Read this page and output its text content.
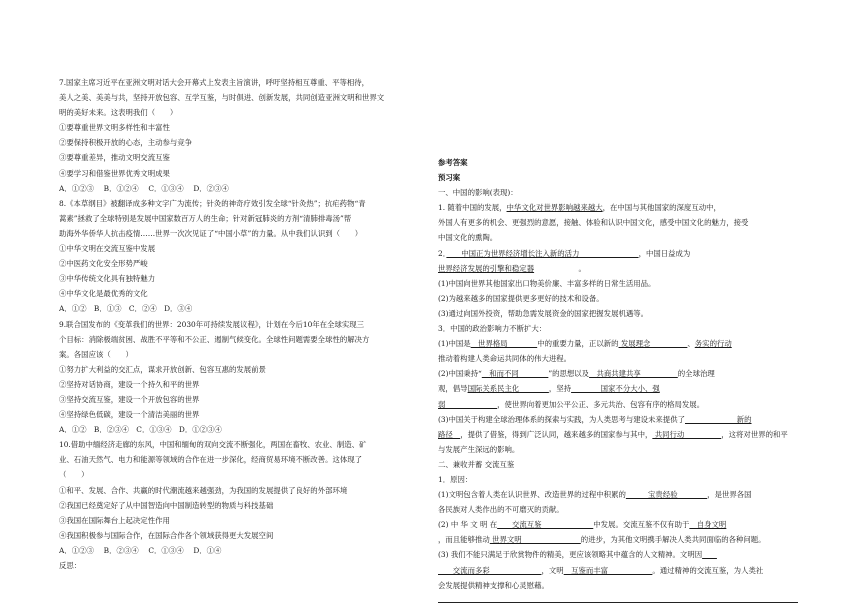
7.国家主席习近平在亚洲文明对话大会开幕式上发表主旨演讲，呼吁坚持相互尊重、平等相待，
美人之美、美美与共，坚持开放包容、互学互鉴，与时俱进、创新发展，共同创造亚洲文明和世界文
明的美好未来。这表明我们（　　）
①要尊重世界文明多样性和丰富性
②要保持积极开放的心态，主动参与竞争
③要尊重差异，推动文明交流互鉴
④要学习和借鉴世界优秀文明成果
A．①②③　 B．①②④　 C．①③④　 D．②③④
8.《本草纲目》被翻译成多种文字广为流传；针灸的神奇疗效引发全球“针灸热”；抗疟药物“青
蒿素”拯救了全球特别是发展中国家数百万人的生命；针对新冠肺炎的方剂“清肺排毒汤”帮
助海外华侨华人抗击疫情……世界一次次见证了“中国小草”的力量。从中我们认识到（　　）
①中华文明在交流互鉴中发展
②中医药文化安全形势严峻
③中华传统文化具有独特魅力
④中华文化是最优秀的文化
A．①②　B．①③　C．②④　D．③④
9.联合国发布的《变革我们的世界：2030年可持续发展议程》，计划在今后10年在全球实现三
个目标：消除极端贫困、战胜不平等和不公正、遏制气候变化。全球性问题需要全球性的解决方
案。各国应该（　　）
①努力扩大利益的交汇点，谋求开放创新、包容互惠的发展前景
②坚持对话协商，建设一个持久和平的世界
③坚持交流互鉴，建设一个开放包容的世界
④坚持绿色低碳，建设一个清洁美丽的世界
A．①②　B．②③④　C．①③④　D．①②③④
10.借助中缅经济走廊的东风，中国和缅甸的双向交流不断强化，两国在畜牧、农业、制造、矿
业、石油天然气、电力和能源等领域的合作在进一步深化，经商贸易环境不断改善。这体现了
（　　）
①和平、发展、合作、共赢的时代潮流越来越强劲，为我国的发展提供了良好的外部环境
②我国已经奠定好了从中国智造向中国制造转型的物质与科技基础
③我国在国际舞台上起决定性作用
④我国积极参与国际合作，在国际合作各个领域获得更大发展空间
A．①②③　 B．②③④　 C．①③④　 D．①④
反思：
参考答案
预习案
一、中国的影响(表现)：
1. 随着中国的发展，中华文化对世界影响越来越大，在中国与其他国家的深度互动中，
外国人有更多的机会、更强烈的意愿，接触、体验和认识中国文化，感受中国文化的魅力，接受
中国文化的熏陶。
2．　　中国正为世界经济增长注入新的活力　　　　　　　　，中国日益成为
世界经济发展的引擎和稳定器　　　　　　。
(1)中国向世界其他国家出口物美价廉、丰富多样的日常生活用品。
(2)为越来越多的国家提供更多更好的技术和设备。
(3)通过向国外投资，帮助急需发展资金的国家把握发展机遇等。
3．中国的政治影响力不断扩大：
(1)中国是　世界格局　　　　中的重要力量，正以新的 发展理念　　　　　、务实的行动
推动着构建人类命运共同体的伟大进程。
(2)中国秉持“　和而不同　　　　”的思想以及　共商共建共享　　　　　的全球治理
观，倡导国际关系民主化　　　　，坚持　　　　国家不分大小、强
弱　　　　　　　，使世界向着更加公平公正、多元共治、包容有序的格局发展。
(3)中国关于构建全球治理体系的探索与实践，为人类思考与建设未来提供了　　　　　　　新的
路径　，提供了借鉴，得到广泛认同，越来越多的国家参与其中， 共同行动　　　　　，这将对世界的和平
与发展产生深远的影响。
二、兼收并蓄 交流互鉴
1．原因：
(1)文明包含着人类在认识世界、改造世界的过程中积累的　　　宝贵经验　　　　，是世界各国
各民族对人类作出的不可磨灭的贡献。
(2) 中 华 文 明 在　　交流互鉴　　　　　　　中发展。交流互鉴不仅有助于　自身文明
，而且能够推动 世界文明　　　　　　　　的进步，为其他文明携手解决人类共同面临的各种问题。
(3) 我们不能只满足于欣赏物件的精美，更应该领略其中蕴含的人文精神。文明因　　
　　交流而多彩　　　　　　　，文明　互鉴而丰富　　　　　　。通过精神的交流互鉴，为人类社
会发展提供精神支撑和心灵慰藉。
